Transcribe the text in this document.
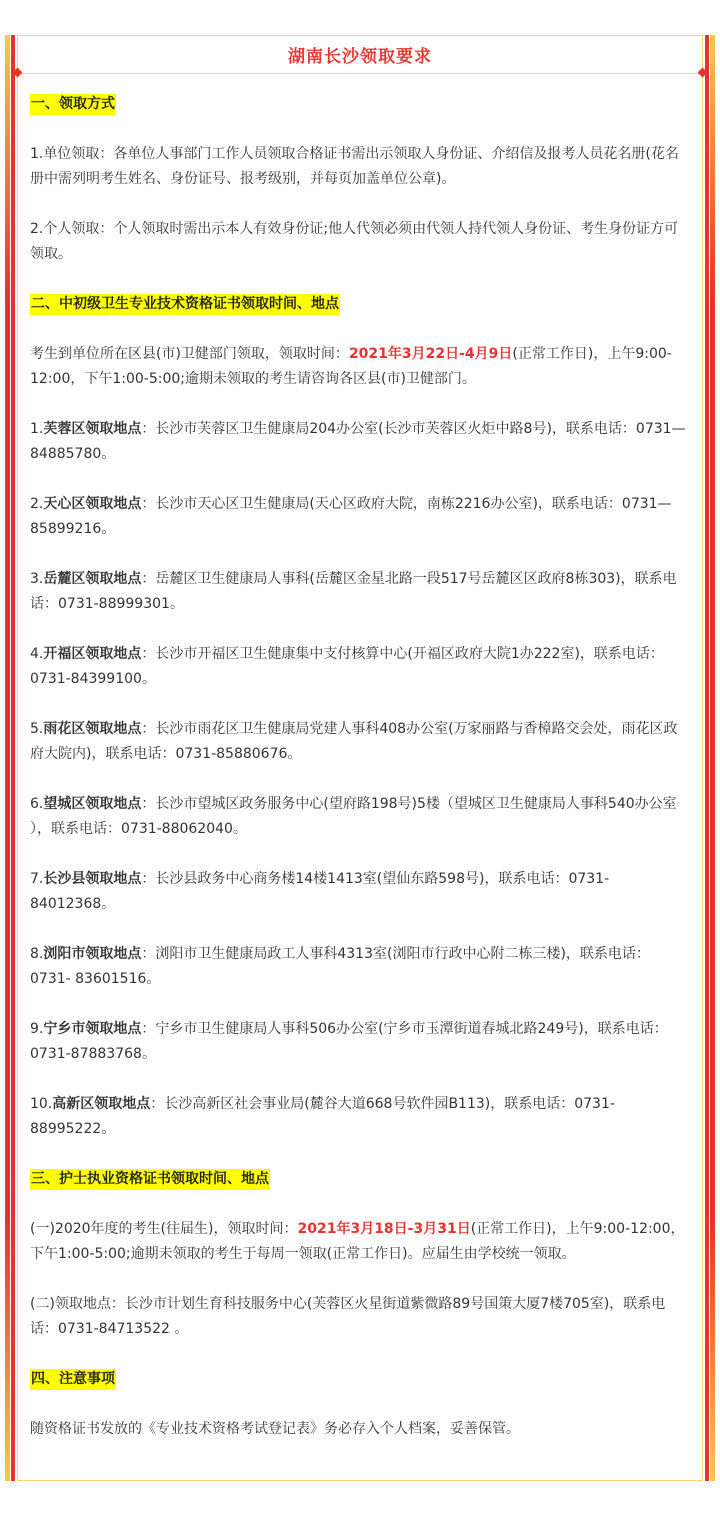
湖南长沙领取要求

一、领取方式

1.单位领取：各单位人事部门工作人员领取合格证书需出示领取人身份证、介绍信及报考人员花名册(花名册中需列明考生姓名、身份证号、报考级别，并每页加盖单位公章)。

2.个人领取：个人领取时需出示本人有效身份证;他人代领必须由代领人持代领人身份证、考生身份证方可领取。

二、中初级卫生专业技术资格证书领取时间、地点

考生到单位所在区县(市)卫健部门领取，领取时间：2021年3月22日-4月9日(正常工作日)，上午9:00-12:00，下午1:00-5:00;逾期未领取的考生请咨询各区县(市)卫健部门。

1.芙蓉区领取地点：长沙市芙蓉区卫生健康局204办公室(长沙市芙蓉区火炬中路8号)，联系电话：0731—84885780。

2.天心区领取地点：长沙市天心区卫生健康局(天心区政府大院，南栋2216办公室)，联系电话：0731—85899216。

3.岳麓区领取地点：岳麓区卫生健康局人事科(岳麓区金星北路一段517号岳麓区区政府8栋303)，联系电话：0731-88999301。

4.开福区领取地点：长沙市开福区卫生健康集中支付核算中心(开福区政府大院1办222室)，联系电话：0731-84399100。

5.雨花区领取地点：长沙市雨花区卫生健康局党建人事科408办公室(万家丽路与香樟路交会处，雨花区政府大院内)，联系电话：0731-85880676。

6.望城区领取地点：长沙市望城区政务服务中心(望府路198号)5楼（望城区卫生健康局人事科540办公室 ），联系电话：0731-88062040。

7.长沙县领取地点：长沙县政务中心商务楼14楼1413室(望仙东路598号)，联系电话：0731-84012368。

8.浏阳市领取地点：浏阳市卫生健康局政工人事科4313室(浏阳市行政中心附二栋三楼)，联系电话：0731- 83601516。

9.宁乡市领取地点：宁乡市卫生健康局人事科506办公室(宁乡市玉潭街道春城北路249号)，联系电话：0731-87883768。

10.高新区领取地点：长沙高新区社会事业局(麓谷大道668号软件园B113)，联系电话：0731-88995222。

三、护士执业资格证书领取时间、地点

(一)2020年度的考生(往届生)，领取时间：2021年3月18日-3月31日(正常工作日)，上午9:00-12:00，下午1:00-5:00;逾期未领取的考生于每周一领取(正常工作日)。应届生由学校统一领取。

(二)领取地点：长沙市计划生育科技服务中心(芙蓉区火星街道紫微路89号国策大厦7楼705室)，联系电话：0731-84713522 。

四、注意事项

随资格证书发放的《专业技术资格考试登记表》务必存入个人档案，妥善保管。
